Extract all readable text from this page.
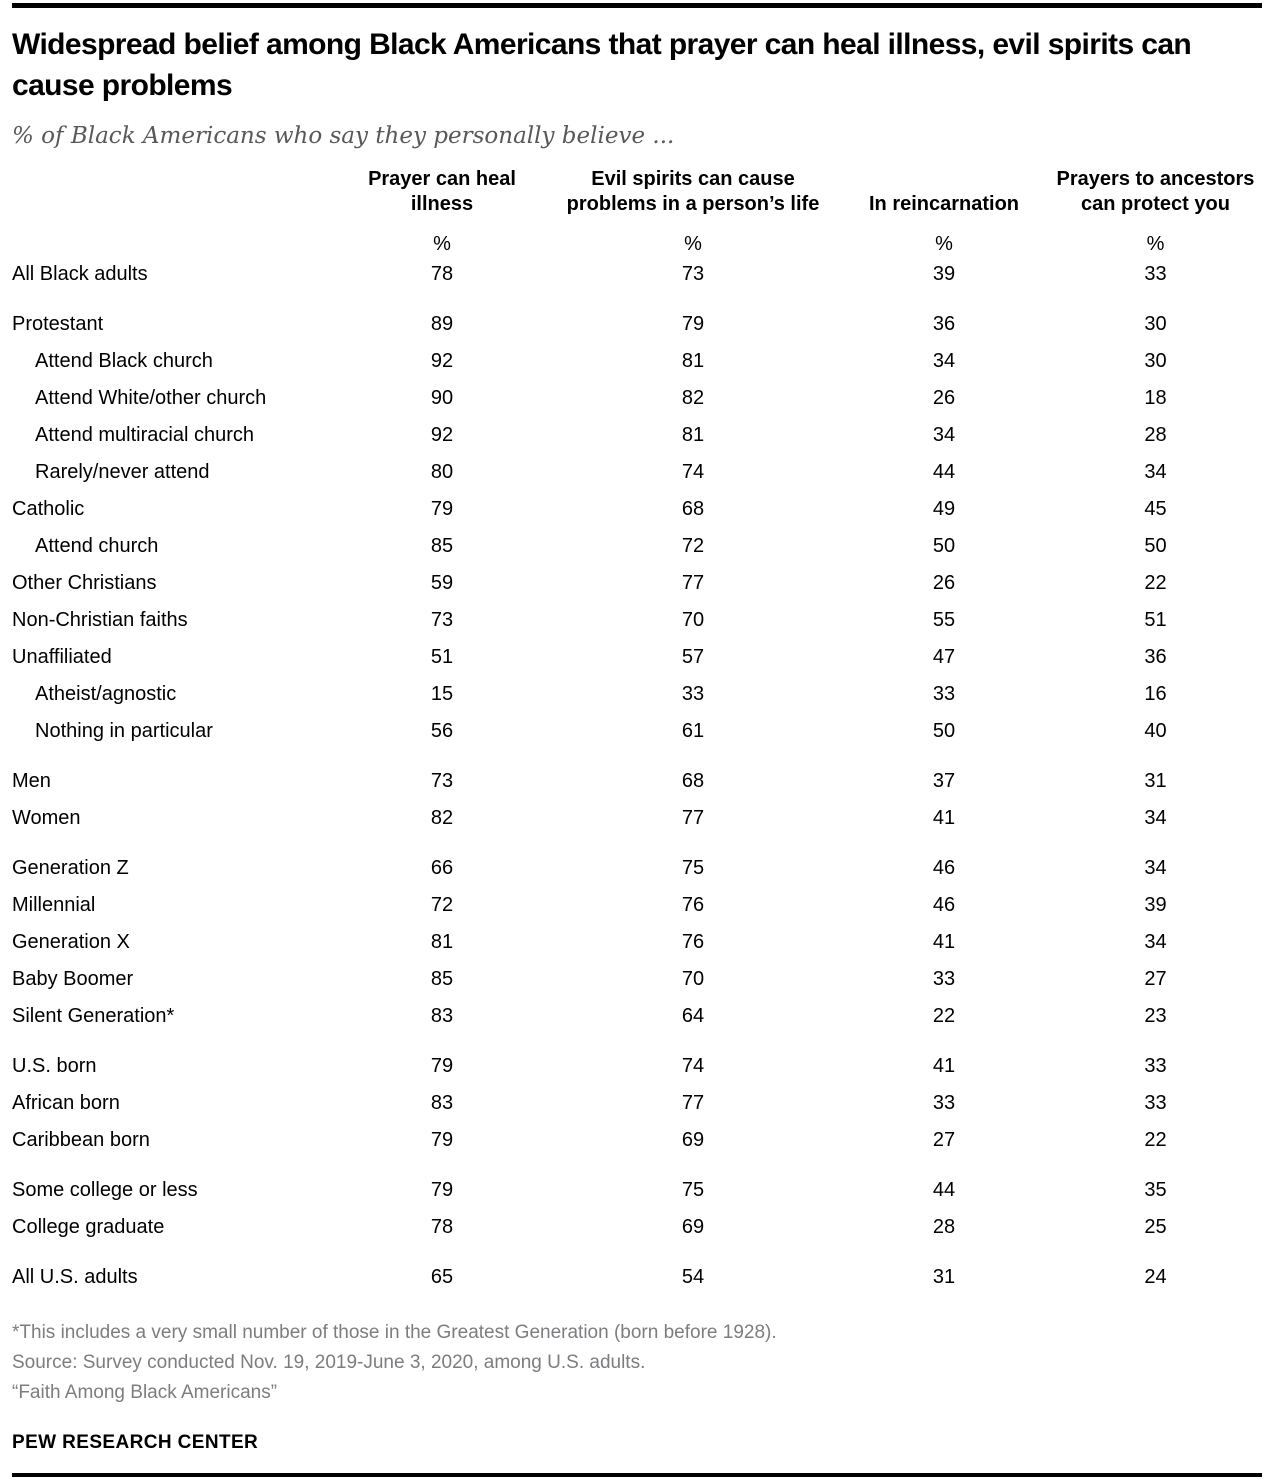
Widespread belief among Black Americans that prayer can heal illness, evil spirits can cause problems

% of Black Americans who say they personally believe ...

	Prayer can heal illness	Evil spirits can cause problems in a person’s life	In reincarnation	Prayers to ancestors can protect you
	%	%	%	%
All Black adults	78	73	39	33
Protestant	89	79	36	30
Attend Black church	92	81	34	30
Attend White/other church	90	82	26	18
Attend multiracial church	92	81	34	28
Rarely/never attend	80	74	44	34
Catholic	79	68	49	45
Attend church	85	72	50	50
Other Christians	59	77	26	22
Non-Christian faiths	73	70	55	51
Unaffiliated	51	57	47	36
Atheist/agnostic	15	33	33	16
Nothing in particular	56	61	50	40
Men	73	68	37	31
Women	82	77	41	34
Generation Z	66	75	46	34
Millennial	72	76	46	39
Generation X	81	76	41	34
Baby Boomer	85	70	33	27
Silent Generation*	83	64	22	23
U.S. born	79	74	41	33
African born	83	77	33	33
Caribbean born	79	69	27	22
Some college or less	79	75	44	35
College graduate	78	69	28	25
All U.S. adults	65	54	31	24

*This includes a very small number of those in the Greatest Generation (born before 1928).

Source: Survey conducted Nov. 19, 2019-June 3, 2020, among U.S. adults.

“Faith Among Black Americans”

PEW RESEARCH CENTER
